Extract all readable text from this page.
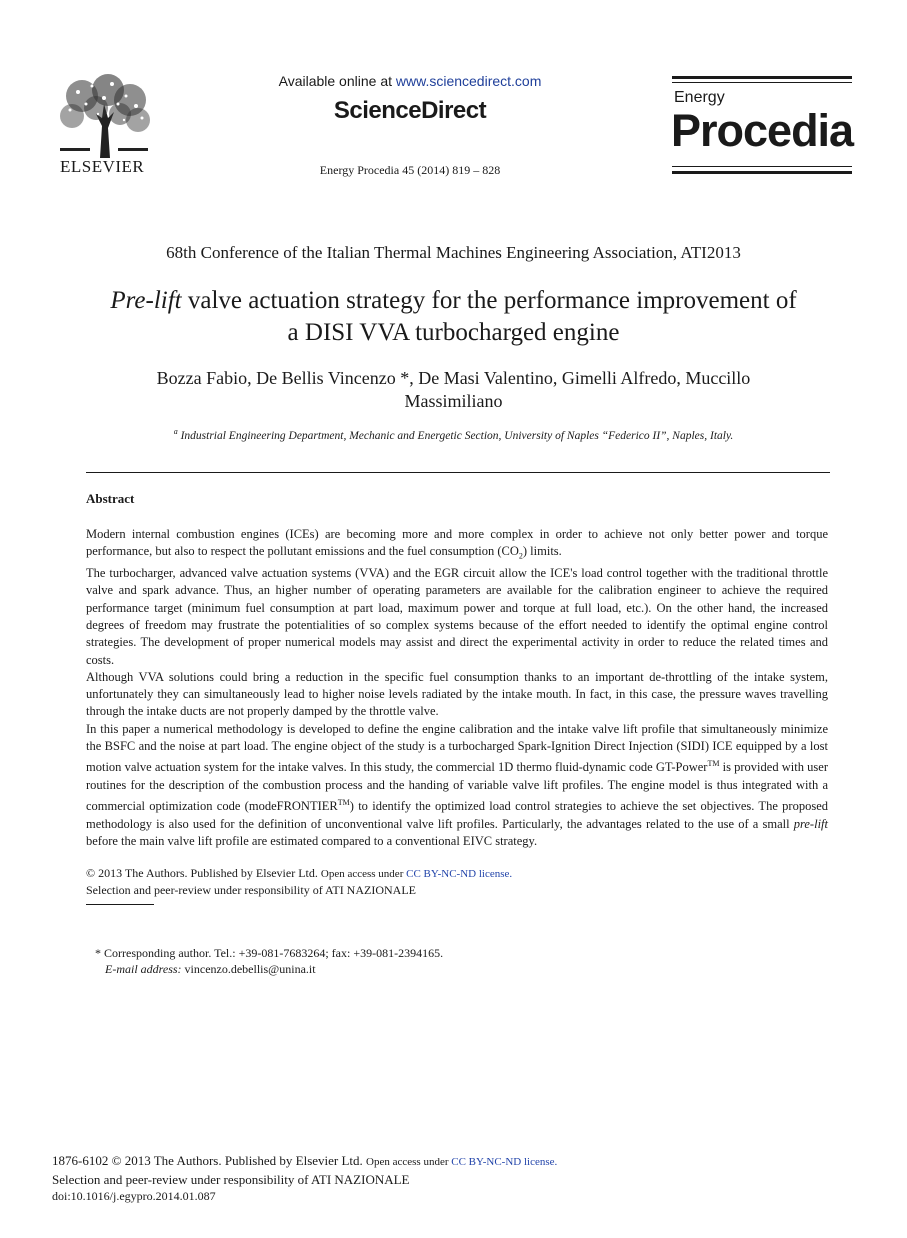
ELSEVIER
Available online at www.sciencedirect.com
ScienceDirect
Energy Procedia 45 (2014) 819 – 828
Energy
Procedia
68th Conference of the Italian Thermal Machines Engineering Association, ATI2013
Pre-lift valve actuation strategy for the performance improvement of
a DISI VVA turbocharged engine
Bozza Fabio, De Bellis Vincenzo *, De Masi Valentino, Gimelli Alfredo, Muccillo
Massimiliano
$^a$ Industrial Engineering Department, Mechanic and Energetic Section, University of Naples “Federico II”, Naples, Italy.
Abstract

Modern internal combustion engines (ICEs) are becoming more and more complex in order to achieve not only better power and torque performance, but also to respect the pollutant emissions and the fuel consumption $(CO_2)$ limits.

The turbocharger, advanced valve actuation systems (VVA) and the EGR circuit allow the ICE's load control together with the traditional throttle valve and spark advance. Thus, an higher number of operating parameters are available for the calibration engineer to achieve the required performance target (minimum fuel consumption at part load, maximum power and torque at full load, etc.). On the other hand, the increased degrees of freedom may frustrate the potentialities of so complex systems because of the effort needed to identify the optimal engine control strategies. The development of proper numerical models may assist and direct the experimental activity in order to reduce the related times and costs.

Although VVA solutions could bring a reduction in the specific fuel consumption thanks to an important de-throttling of the intake system, unfortunately they can simultaneously lead to higher noise levels radiated by the intake mouth. In fact, in this case, the pressure waves travelling through the intake ducts are not properly damped by the throttle valve.

In this paper a numerical methodology is developed to define the engine calibration and the intake valve lift profile that simultaneously minimize the BSFC and the noise at part load. The engine object of the study is a turbocharged Spark-Ignition Direct Injection (SIDI) ICE equipped by a lost motion valve actuation system for the intake valves. In this study, the commercial 1D thermo fluid-dynamic code GT-Power™ is provided with user routines for the description of the combustion process and the handing of variable valve lift profiles. The engine model is thus integrated with a commercial optimization code (modeFRONTIER™) to identify the optimized load control strategies to achieve the set objectives. The proposed methodology is also used for the definition of unconventional valve lift profiles. Particularly, the advantages related to the use of a small pre-lift before the main valve lift profile are estimated compared to a conventional EIVC strategy.

© 2013 The Authors. Published by Elsevier Ltd. Open access under CC BY-NC-ND license.
Selection and peer-review under responsibility of ATI NAZIONALE
* Corresponding author. Tel.: +39-081-7683264; fax: +39-081-2394165.
E-mail address: vincenzo.debellis@unina.it
1876-6102 © 2013 The Authors. Published by Elsevier Ltd. Open access under CC BY-NC-ND license.
Selection and peer-review under responsibility of ATI NAZIONALE
doi:10.1016/j.egypro.2014.01.087
